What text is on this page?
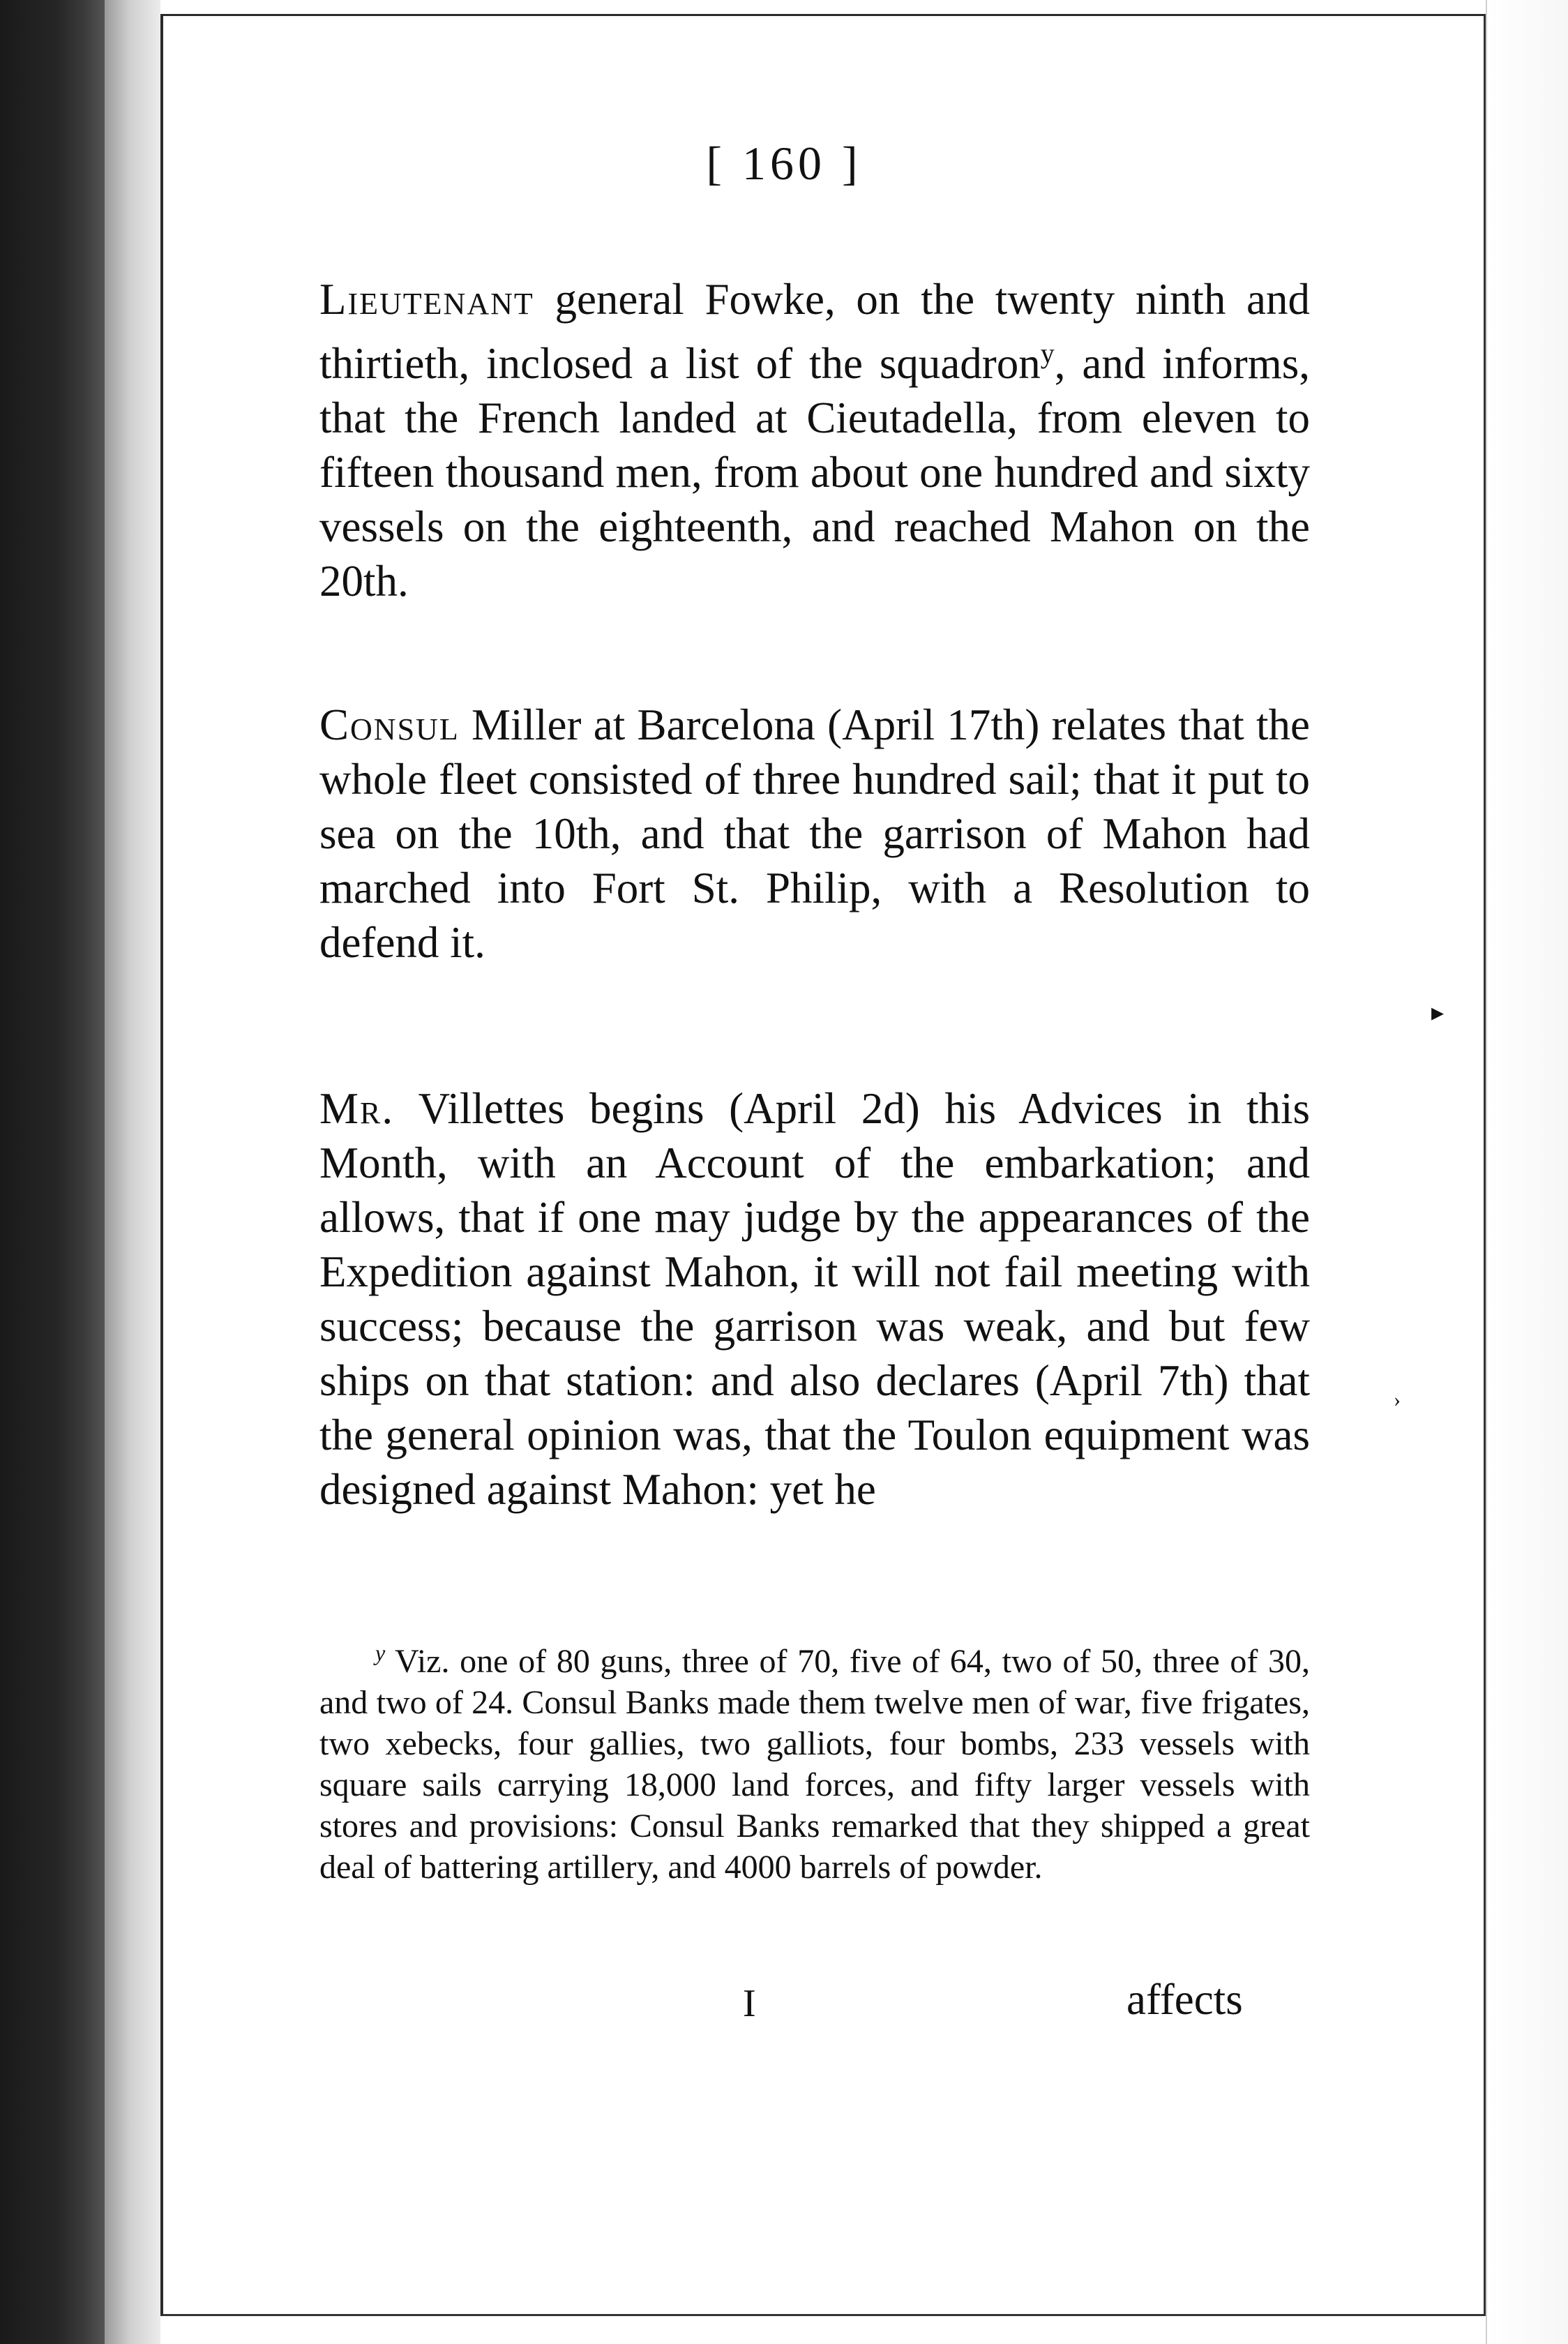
[ 160 ]

Lieutenant general Fowke, on the twenty ninth and thirtieth, inclosed a list of the squadron$^y$, and informs, that the French landed at Cieutadella, from eleven to fifteen thousand men, from about one hundred and sixty vessels on the eighteenth, and reached Mahon on the 20th.

Consul Miller at Barcelona (April 17th) relates that the whole fleet consisted of three hundred sail; that it put to sea on the 10th, and that the garrison of Mahon had marched into Fort St. Philip, with a Resolution to defend it.

Mr. Villettes begins (April 2d) his Advices in this Month, with an Account of the embarkation; and allows, that if one may judge by the appearances of the Expedition against Mahon, it will not fail meeting with success; because the garrison was weak, and but few ships on that station: and also declares (April 7th) that the general opinion was, that the Toulon equipment was designed against Mahon: yet he

$^y$ Viz. one of 80 guns, three of 70, five of 64, two of 50, three of 30, and two of 24. Consul Banks made them twelve men of war, five frigates, two xebecks, four gallies, two galliots, four bombs, 233 vessels with square sails carrying 18,000 land forces, and fifty larger vessels with stores and provisions: Consul Banks remarked that they shipped a great deal of battering artillery, and 4000 barrels of powder.

I	affects
▸
›
